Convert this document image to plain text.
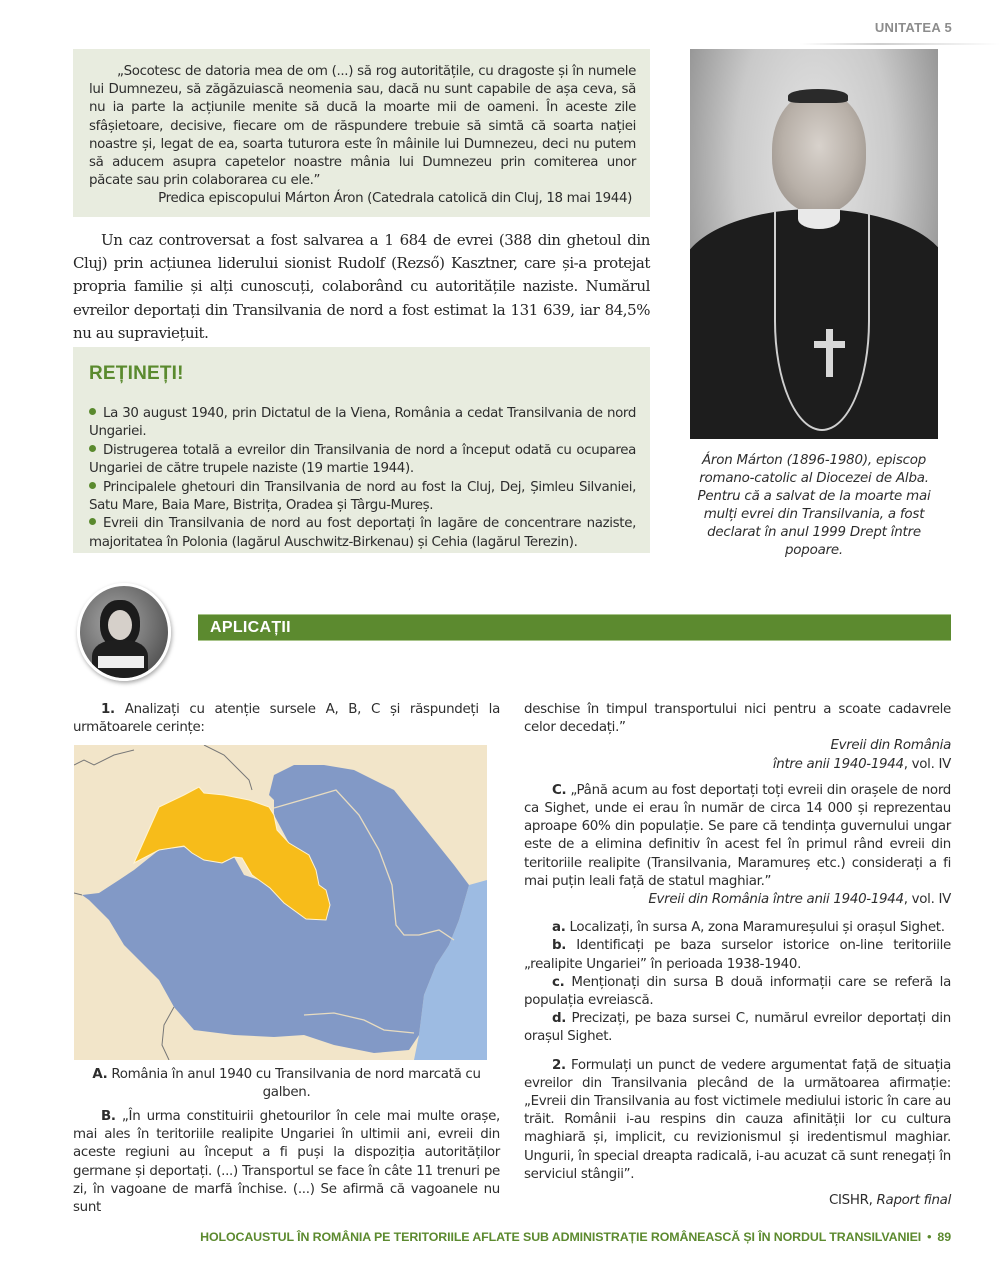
UNITATEA 5

„Socotesc de datoria mea de om (...) să rog autoritățile, cu dragoste și în numele lui Dumnezeu, să zăgăzuiască neomenia sau, dacă nu sunt capabile de așa ceva, să nu ia parte la acțiunile menite să ducă la moarte mii de oameni. În aceste zile sfâșietoare, decisive, fiecare om de răspundere trebuie să simtă că soarta nației noastre și, legat de ea, soarta tuturora este în mâinile lui Dumnezeu, deci nu putem să aducem asupra capetelor noastre mânia lui Dumnezeu prin comiterea unor păcate sau prin colaborarea cu ele.”

Predica episcopului Márton Áron (Catedrala catolică din Cluj, 18 mai 1944)

Un caz controversat a fost salvarea a 1 684 de evrei (388 din ghetoul din Cluj) prin acțiunea liderului sionist Rudolf (Rezső) Kasztner, care și-a protejat propria familie și alți cunoscuți, colaborând cu autoritățile naziste. Numărul evreilor deportați din Transilvania de nord a fost estimat la 131 639, iar 84,5% nu au supraviețuit.

REȚINEȚI!
La 30 august 1940, prin Dictatul de la Viena, România a cedat Transilvania de nord Ungariei.
Distrugerea totală a evreilor din Transilvania de nord a început odată cu ocuparea Ungariei de către trupele naziste (19 martie 1944).
Principalele ghetouri din Transilvania de nord au fost la Cluj, Dej, Șimleu Silvaniei, Satu Mare, Baia Mare, Bistrița, Oradea și Târgu-Mureș.
Evreii din Transilvania de nord au fost deportați în lagăre de concentrare naziste, majoritatea în Polonia (lagărul Auschwitz-Birkenau) și Cehia (lagărul Terezin).

Áron Márton (1896-1980), episcop romano-catolic al Diocezei de Alba. Pentru că a salvat de la moarte mai mulți evrei din Transilvania, a fost declarat în anul 1999 Drept între popoare.

APLICAȚII

1. Analizați cu atenție sursele A, B, C și răspundeți la următoarele cerințe:

A. România în anul 1940 cu Transilvania de nord marcată cu galben.

B. „În urma constituirii ghetourilor în cele mai multe orașe, mai ales în teritoriile realipite Ungariei în ultimii ani, evreii din aceste regiuni au început a fi puși la dispoziția autorităților germane și deportați. (...) Transportul se face în câte 11 trenuri pe zi, în vagoane de marfă închise. (...) Se afirmă că vagoanele nu sunt

deschise în timpul transportului nici pentru a scoate cadavrele celor decedați.”

Evreii din România
între anii 1940-1944, vol. IV

C. „Până acum au fost deportați toți evreii din orașele de nord ca Sighet, unde ei erau în număr de circa 14 000 și reprezentau aproape 60% din populație. Se pare că tendința guvernului ungar este de a elimina definitiv în acest fel în primul rând evreii din teritoriile realipite (Transilvania, Maramureș etc.) considerați a fi mai puțin leali față de statul maghiar.”

Evreii din România între anii 1940-1944, vol. IV

a. Localizați, în sursa A, zona Maramureșului și orașul Sighet.

b. Identificați pe baza surselor istorice on-line teritoriile „realipite Ungariei” în perioada 1938-1940.

c. Menționați din sursa B două informații care se referă la populația evreiască.

d. Precizați, pe baza sursei C, numărul evreilor deportați din orașul Sighet.

2. Formulați un punct de vedere argumentat față de situația evreilor din Transilvania plecând de la următoarea afirmație: „Evreii din Transilvania au fost victimele mediului istoric în care au trăit. Românii i-au respins din cauza afinității lor cu cultura maghiară și, implicit, cu revizionismul și iredentismul maghiar. Ungurii, în special dreapta radicală, i-au acuzat că sunt renegați în serviciul stângii”.

CISHR, Raport final

HOLOCAUSTUL ÎN ROMÂNIA PE TERITORIILE AFLATE SUB ADMINISTRAȚIE ROMÂNEASCĂ ȘI ÎN NORDUL TRANSILVANIEI • 89
